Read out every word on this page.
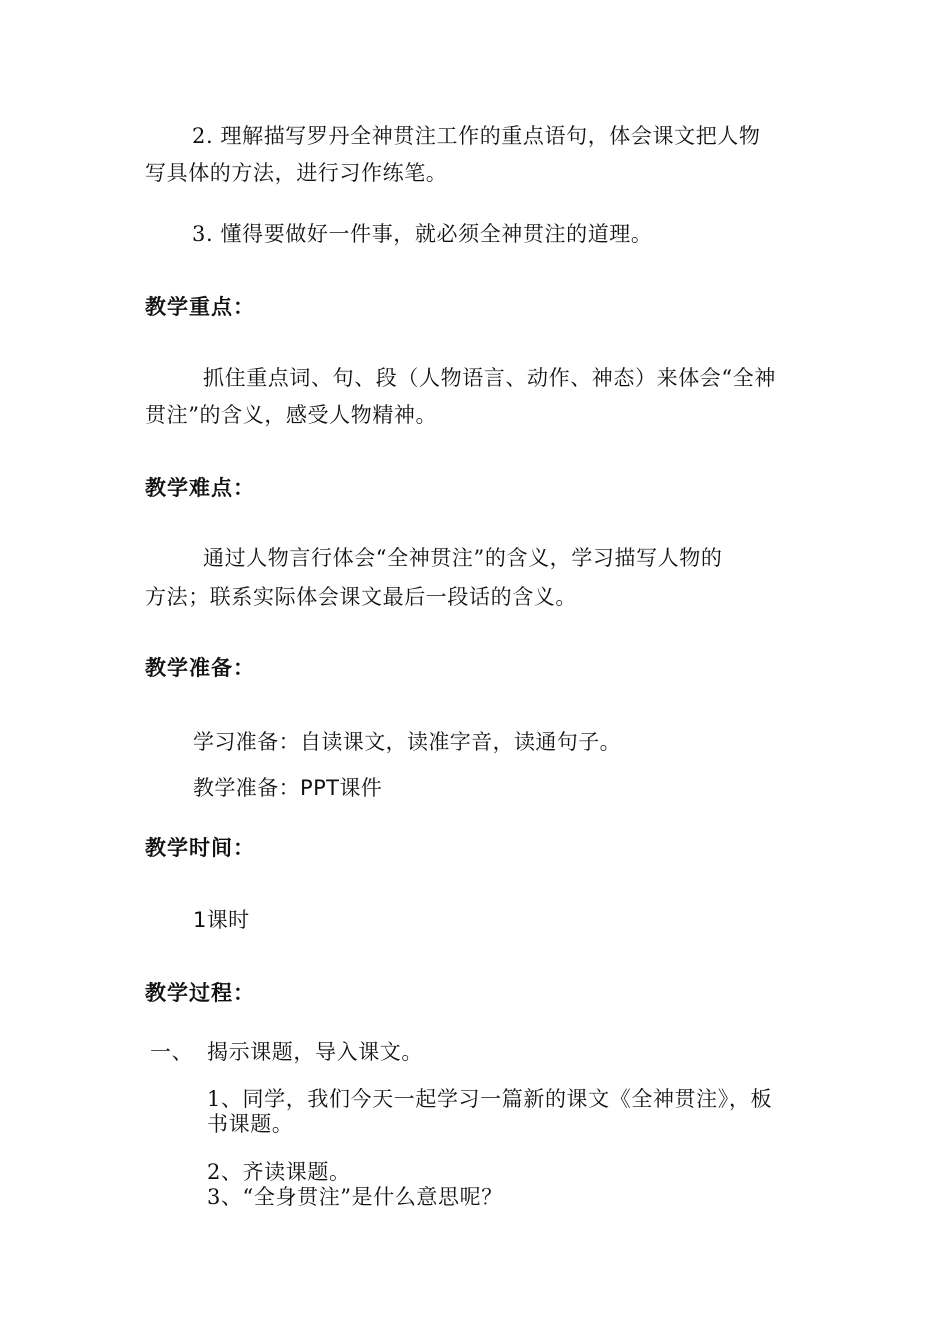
2. 理解描写罗丹全神贯注工作的重点语句，体会课文把人物
写具体的方法，进行习作练笔。
3. 懂得要做好一件事，就必须全神贯注的道理。
教学重点：
抓住重点词、句、段（人物语言、动作、神态）来体会“全神
贯注”的含义，感受人物精神。
教学难点：
通过人物言行体会“全神贯注”的含义，学习描写人物的
方法；联系实际体会课文最后一段话的含义。
教学准备：
学习准备：自读课文，读准字音，读通句子。
教学准备：PPT课件
教学时间：
1课时
教学过程：
一、 揭示课题，导入课文。
1、同学，我们今天一起学习一篇新的课文《全神贯注》，板
书课题。
2、齐读课题。
3、“全身贯注”是什么意思呢？
